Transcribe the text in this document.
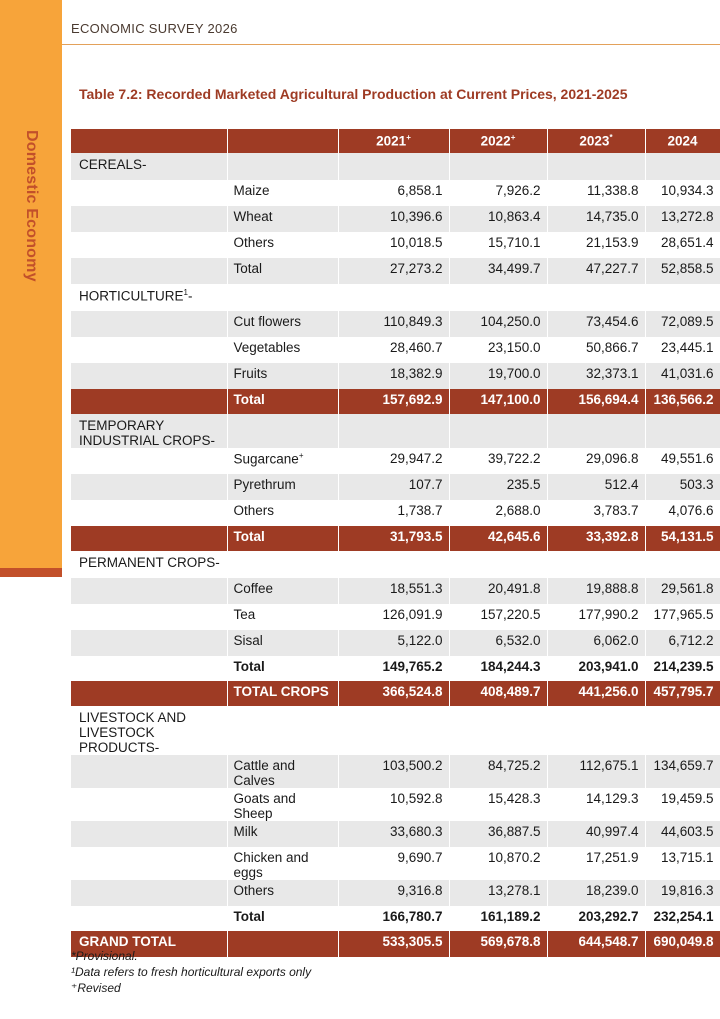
Domestic Economy
ECONOMIC SURVEY 2026
Table 7.2: Recorded Marketed Agricultural Production at Current Prices, 2021-2025
		2021+	2022+	2023*	2024
CEREALS-					
	Maize	6,858.1	7,926.2	11,338.8	10,934.3
	Wheat	10,396.6	10,863.4	14,735.0	13,272.8
	Others	10,018.5	15,710.1	21,153.9	28,651.4
	Total	27,273.2	34,499.7	47,227.7	52,858.5
HORTICULTURE$^1$-					
	Cut flowers	110,849.3	104,250.0	73,454.6	72,089.5
	Vegetables	28,460.7	23,150.0	50,866.7	23,445.1
	Fruits	18,382.9	19,700.0	32,373.1	41,031.6
	Total	157,692.9	147,100.0	156,694.4	136,566.2
TEMPORARY INDUSTRIAL CROPS-					
	Sugarcane+	29,947.2	39,722.2	29,096.8	49,551.6
	Pyrethrum	107.7	235.5	512.4	503.3
	Others	1,738.7	2,688.0	3,783.7	4,076.6
	Total	31,793.5	42,645.6	33,392.8	54,131.5
PERMANENT CROPS-					
	Coffee	18,551.3	20,491.8	19,888.8	29,561.8
	Tea	126,091.9	157,220.5	177,990.2	177,965.5
	Sisal	5,122.0	6,532.0	6,062.0	6,712.2
	Total	149,765.2	184,244.3	203,941.0	214,239.5
	TOTAL CROPS	366,524.8	408,489.7	441,256.0	457,795.7
LIVESTOCK AND LIVESTOCK PRODUCTS-					
	Cattle and Calves	103,500.2	84,725.2	112,675.1	134,659.7
	Goats and Sheep	10,592.8	15,428.3	14,129.3	19,459.5
	Milk	33,680.3	36,887.5	40,997.4	44,603.5
	Chicken and eggs	9,690.7	10,870.2	17,251.9	13,715.1
	Others	9,316.8	13,278.1	18,239.0	19,816.3
	Total	166,780.7	161,189.2	203,292.7	232,254.1
GRAND TOTAL		533,305.5	569,678.8	644,548.7	690,049.8
*Provisional.
¹Data refers to fresh horticultural exports only
⁺Revised
